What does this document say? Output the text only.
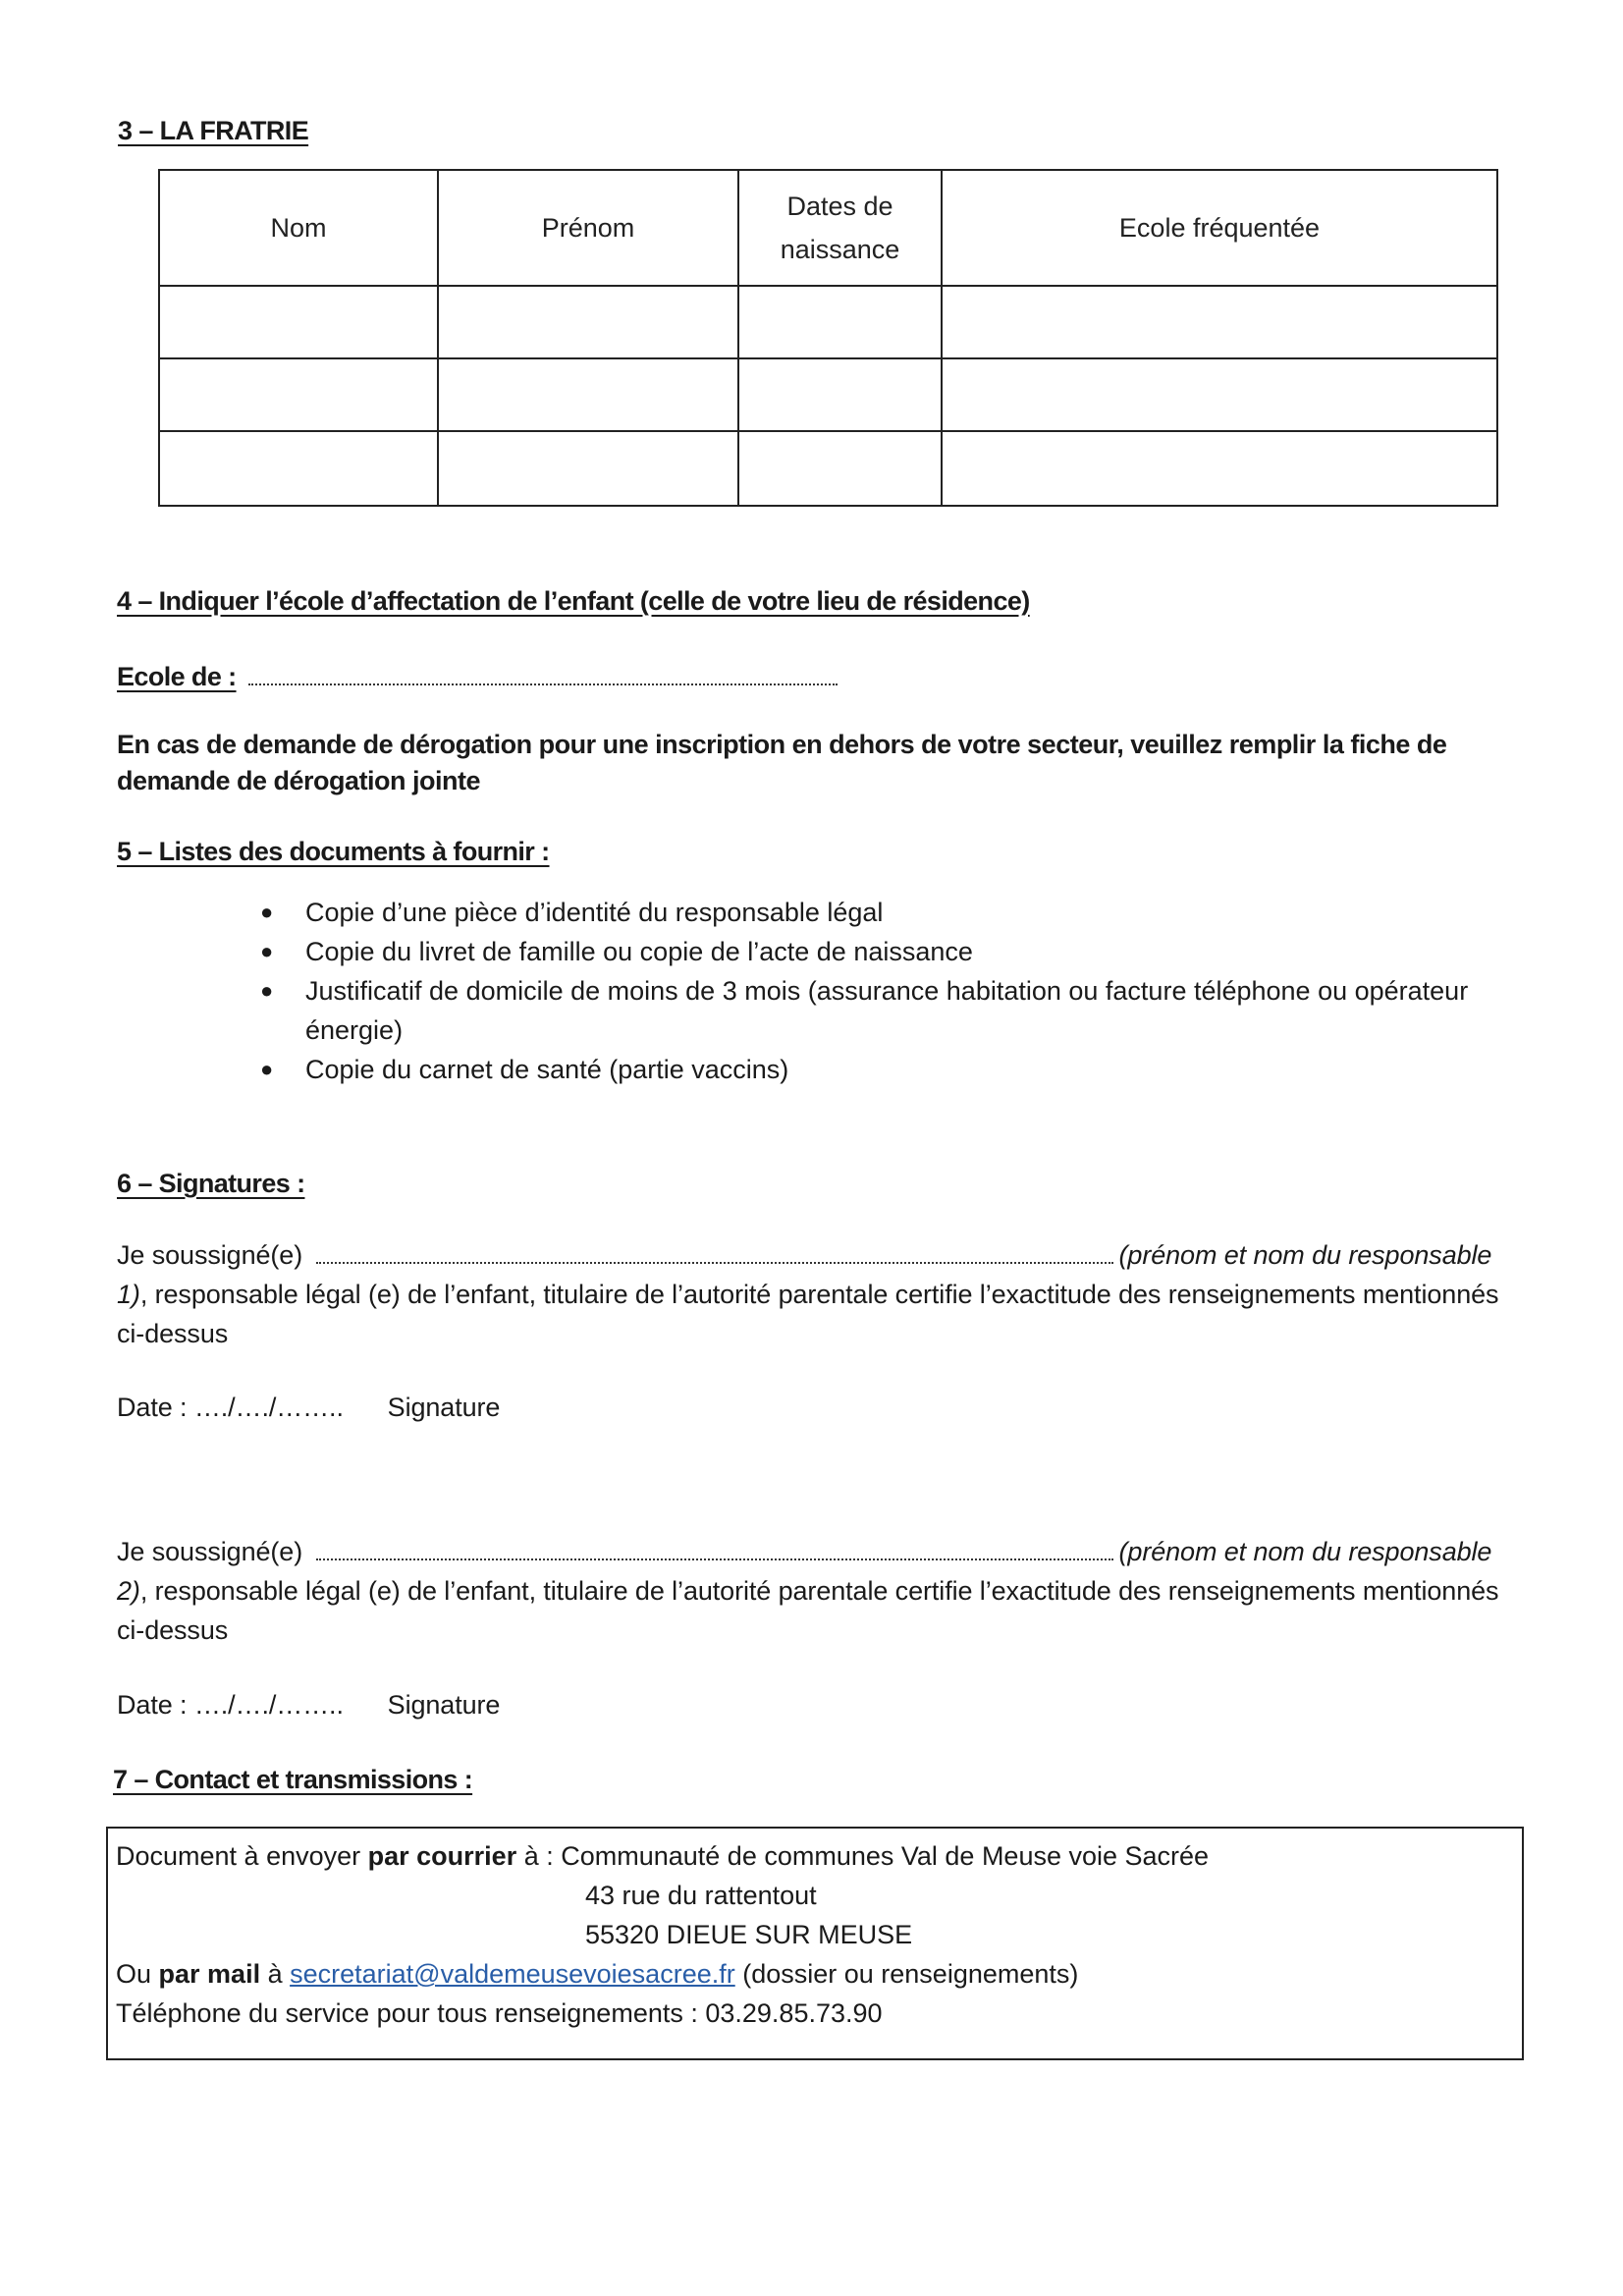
3 – LA FRATRIE
Nom	Prénom	Dates de naissance	Ecole fréquentée

4 – Indiquer l’école d’affectation de l’enfant (celle de votre lieu de résidence)
Ecole de :
En cas de demande de dérogation pour une inscription en dehors de votre secteur, veuillez remplir la fiche de demande de dérogation jointe
5 – Listes des documents à fournir :
● Copie d’une pièce d’identité du responsable légal
● Copie du livret de famille ou copie de l’acte de naissance
● Justificatif de domicile de moins de 3 mois (assurance habitation ou facture téléphone ou opérateur énergie)
● Copie du carnet de santé (partie vaccins)
6 – Signatures :
Je soussigné(e)	(prénom et nom du responsable 1), responsable légal (e) de l’enfant, titulaire de l’autorité parentale certifie l’exactitude des renseignements mentionnés ci-dessus
Date : …./…./…….. Signature
Je soussigné(e)	(prénom et nom du responsable 2), responsable légal (e) de l’enfant, titulaire de l’autorité parentale certifie l’exactitude des renseignements mentionnés ci-dessus
Date : …./…./…….. Signature
7 – Contact et transmissions :
Document à envoyer par courrier à : Communauté de communes Val de Meuse voie Sacrée
43 rue du rattentout
55320 DIEUE SUR MEUSE
Ou par mail à secretariat@valdemeusevoiesacree.fr (dossier ou renseignements)
Téléphone du service pour tous renseignements : 03.29.85.73.90
